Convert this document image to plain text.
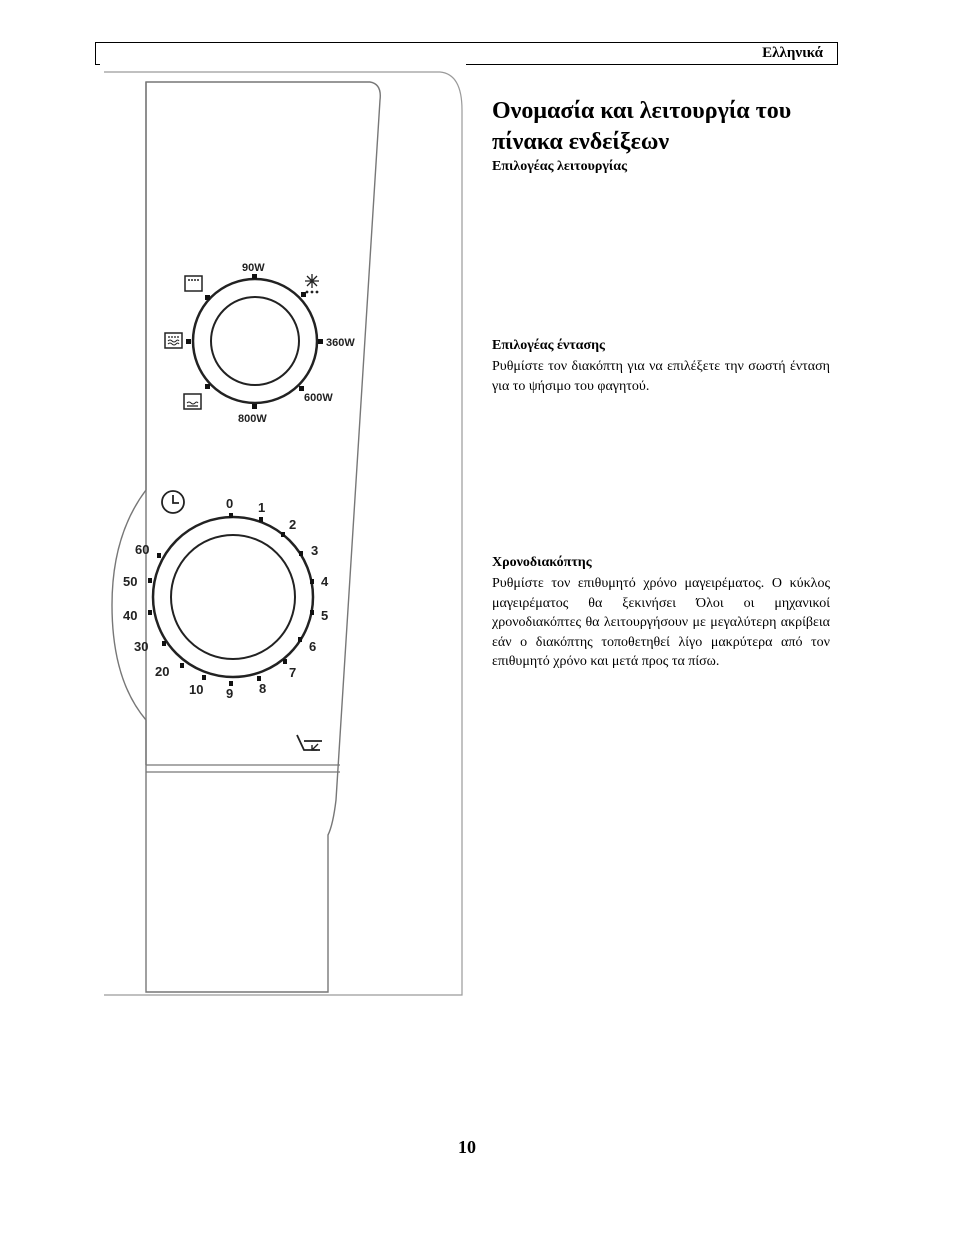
Ελληνικά
90W
360W
600W
800W
0 1
2
3
4
5
6
7
8
9
10
20
30
40
50
60
Ονομασία και λειτουργία του πίνακα ενδείξεων
Επιλογέας λειτουργίας
Επιλογέας έντασης
Ρυθμίστε τον διακόπτη για να επιλέξετε την σωστή ένταση για το ψήσιμο του φαγητού.
Χρονοδιακόπτης
Ρυθμίστε τον επιθυμητό χρόνο μαγειρέματος. Ο κύκλος μαγειρέματος θα ξεκινήσει Όλοι οι μηχανικοί χρονοδιακόπτες θα λειτουργήσουν με μεγαλύτερη ακρίβεια εάν ο διακόπτης τοποθετηθεί λίγο μακρύτερα από τον επιθυμητό χρόνο και μετά προς τα πίσω.
10
